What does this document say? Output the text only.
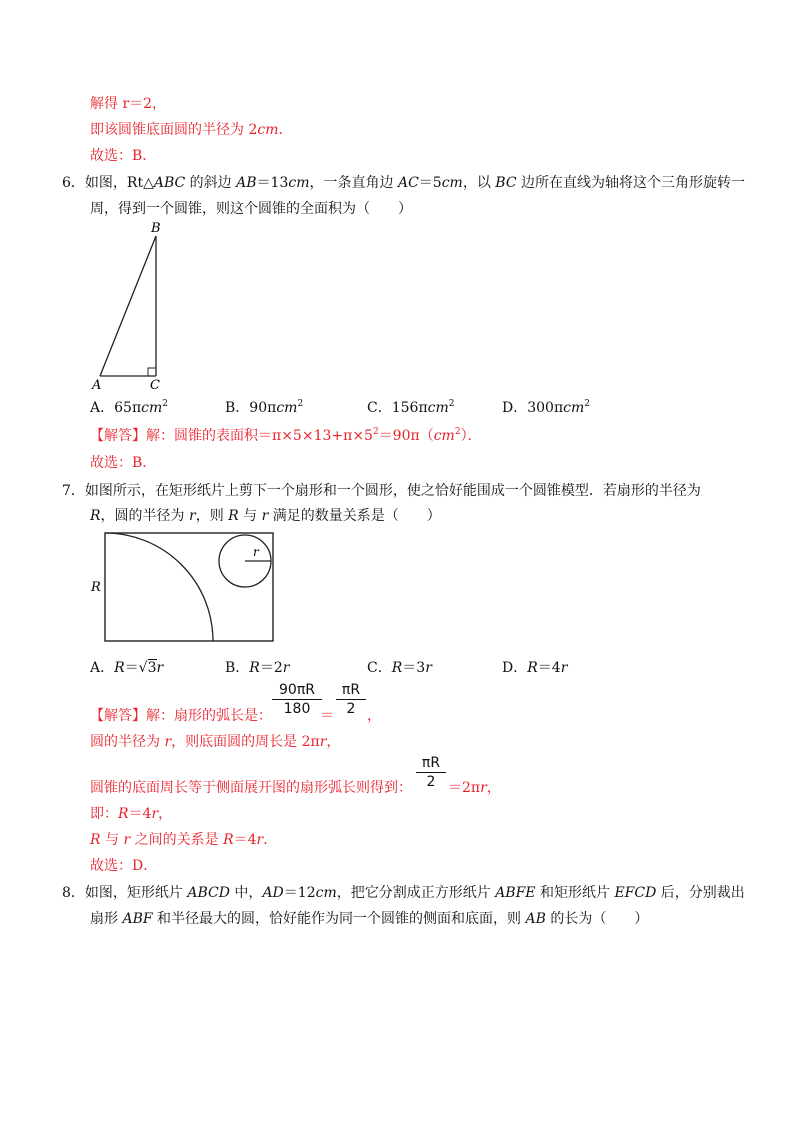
解得 r＝2，
即该圆锥底面圆的半径为 2cm．
故选：B．
6．如图，Rt△ABC 的斜边 AB＝13cm，一条直角边 AC＝5cm，以 BC 边所在直线为轴将这个三角形旋转一
周，得到一个圆锥，则这个圆锥的全面积为（　　）
B
A	C
A．65πcm$^2$	B．90πcm$^2$	C．156πcm$^2$	D．300πcm$^2$
【解答】解：圆锥的表面积$=\pi\times 5\times 13+\pi\times 5^2=90\pi(cm^2)$．
故选：B．
7．如图所示，在矩形纸片上剪下一个扇形和一个圆形，使之恰好能围成一个圆锥模型．若扇形的半径为
R，圆的半径为 r，则 R 与 r 满足的数量关系是（　　）
r
R
A．R＝√3r	B．R＝2r	C．R＝3r	D．R＝4r
【解答】解：扇形的弧长是：
90πR
180 ＝
πR
2 ，
圆的半径为 r，则底面圆的周长是 2πr，
圆锥的底面周长等于侧面展开图的扇形弧长则得到：
πR
2 ＝2πr，
即：R＝4r，
R 与 r 之间的关系是 R＝4r．
故选：D．
8．如图，矩形纸片 ABCD 中，AD＝12cm，把它分割成正方形纸片 ABFE 和矩形纸片 EFCD 后，分别裁出
扇形 ABF 和半径最大的圆，恰好能作为同一个圆锥的侧面和底面，则 AB 的长为（　　）
